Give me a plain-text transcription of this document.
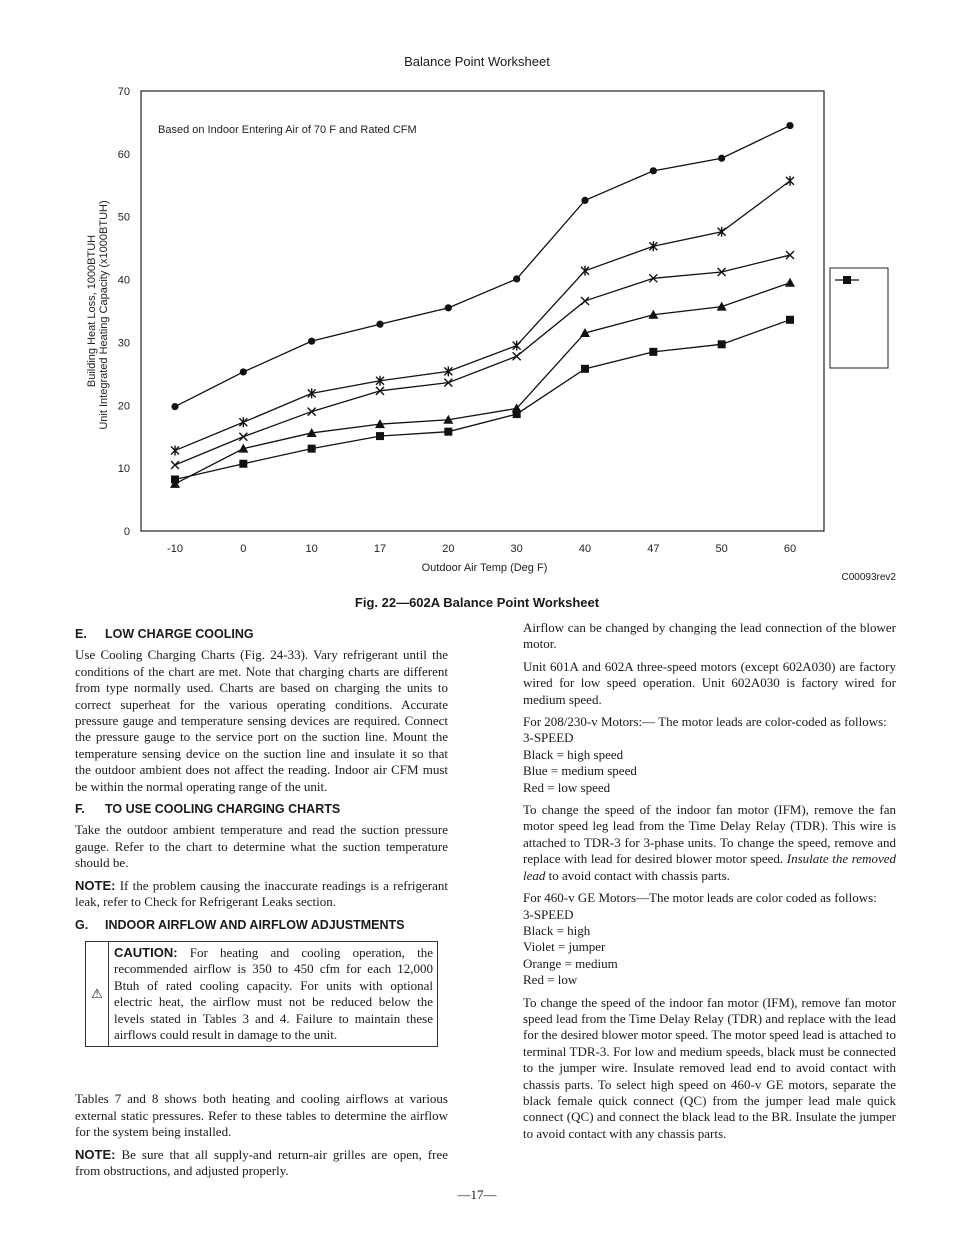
Balance Point Worksheet
0
10
20
30
40
50
60
70
-10	0	10	17	20	30	40	47	50	60
Outdoor Air Temp (Deg F)
Building Heat Loss, 1000BTUH Unit Integrated Heating Capacity (x1000BTUH)
Based on Indoor Entering Air of 70 F and Rated CFM
C00093rev2
Fig. 22—602A Balance Point Worksheet
E. LOW CHARGE COOLING

Use Cooling Charging Charts (Fig. 24-33). Vary refrigerant until the conditions of the chart are met. Note that charging charts are different from type normally used. Charts are based on charging the units to correct superheat for the various operating conditions. Accurate pressure gauge and temperature sensing devices are required. Connect the pressure gauge to the service port on the suction line. Mount the temperature sensing device on the suction line and insulate it so that the outdoor ambient does not affect the reading. Indoor air CFM must be within the normal operating range of the unit.

F. TO USE COOLING CHARGING CHARTS

Take the outdoor ambient temperature and read the suction pressure gauge. Refer to the chart to determine what the suction temperature should be.

NOTE: If the problem causing the inaccurate readings is a refrigerant leak, refer to Check for Refrigerant Leaks section.

G. INDOOR AIRFLOW AND AIRFLOW ADJUSTMENTS
⚠
CAUTION: For heating and cooling operation, the recommended airflow is 350 to 450 cfm for each 12,000 Btuh of rated cooling capacity. For units with optional electric heat, the airflow must not be reduced below the levels stated in Tables 3 and 4. Failure to maintain these airflows could result in damage to the unit.

Tables 7 and 8 shows both heating and cooling airflows at various external static pressures. Refer to these tables to determine the airflow for the system being installed.

NOTE: Be sure that all supply-and return-air grilles are open, free from obstructions, and adjusted properly.

Airflow can be changed by changing the lead connection of the blower motor.

Unit 601A and 602A three-speed motors (except 602A030) are factory wired for low speed operation. Unit 602A030 is factory wired for medium speed.

For 208/230-v Motors:— The motor leads are color-coded as follows:
3-SPEED
Black = high speed
Blue = medium speed
Red = low speed

To change the speed of the indoor fan motor (IFM), remove the fan motor speed leg lead from the Time Delay Relay (TDR). This wire is attached to TDR-3 for 3-phase units. To change the speed, remove and replace with lead for desired blower motor speed. Insulate the removed lead to avoid contact with chassis parts.

For 460-v GE Motors—The motor leads are color coded as follows:
3-SPEED
Black = high
Violet = jumper
Orange = medium
Red = low

To change the speed of the indoor fan motor (IFM), remove fan motor speed lead from the Time Delay Relay (TDR) and replace with the lead for the desired blower motor speed. The motor speed lead is attached to terminal TDR-3. For low and medium speeds, black must be connected to the jumper wire. Insulate removed lead end to avoid contact with chassis parts. To select high speed on 460-v GE motors, separate the black female quick connect (QC) from the jumper lead male quick connect (QC) and connect the black lead to the BR. Insulate the jumper to avoid contact with any chassis parts.

—17—
